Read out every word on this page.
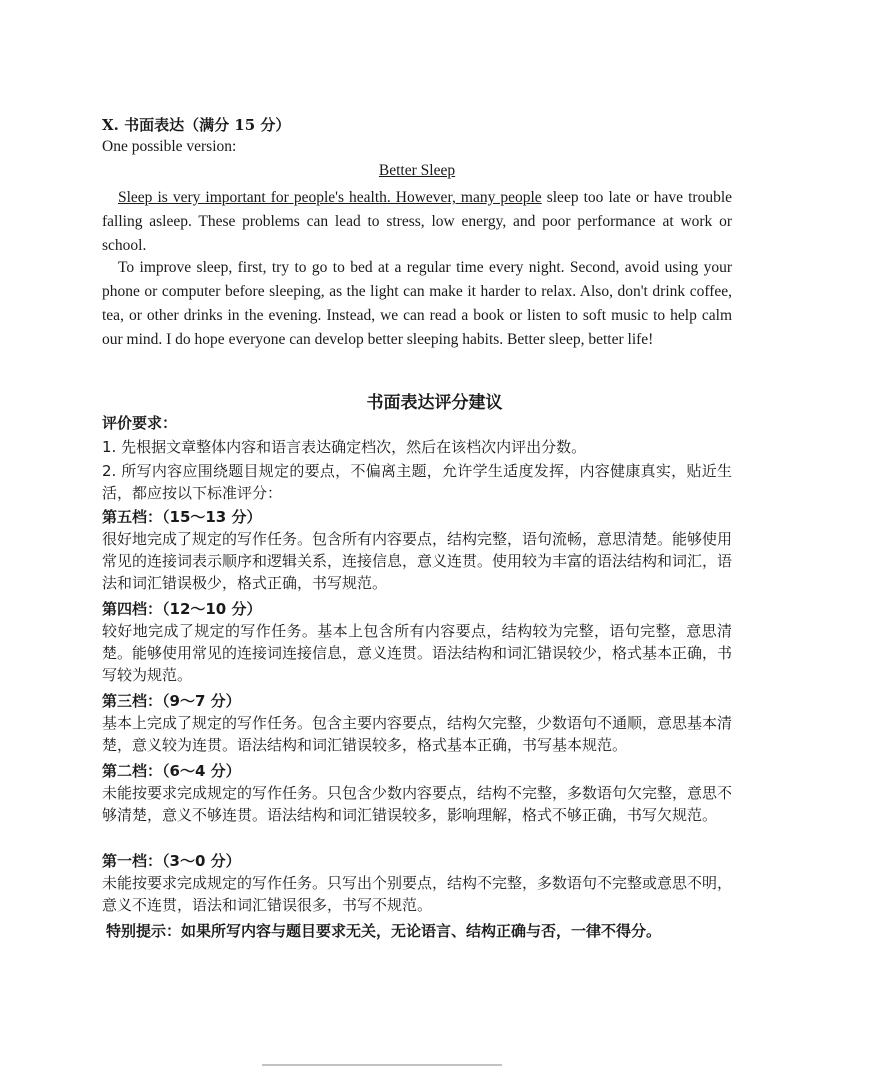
X. 书面表达（满分 15 分）
One possible version:
Better Sleep

Sleep is very important for people's health. However, many people sleep too late or have trouble falling asleep. These problems can lead to stress, low energy, and poor performance at work or school.

To improve sleep, first, try to go to bed at a regular time every night. Second, avoid using your phone or computer before sleeping, as the light can make it harder to relax. Also, don't drink coffee, tea, or other drinks in the evening. Instead, we can read a book or listen to soft music to help calm our mind. I do hope everyone can develop better sleeping habits. Better sleep, better life!

书面表达评分建议
评价要求：

1. 先根据文章整体内容和语言表达确定档次，然后在该档次内评出分数。

2. 所写内容应围绕题目规定的要点，不偏离主题，允许学生适度发挥，内容健康真实，贴近生活，都应按以下标准评分：

第五档：（15～13 分）

很好地完成了规定的写作任务。包含所有内容要点，结构完整，语句流畅，意思清楚。能够使用常见的连接词表示顺序和逻辑关系，连接信息，意义连贯。使用较为丰富的语法结构和词汇，语法和词汇错误极少，格式正确，书写规范。

第四档：（12～10 分）

较好地完成了规定的写作任务。基本上包含所有内容要点，结构较为完整，语句完整，意思清楚。能够使用常见的连接词连接信息，意义连贯。语法结构和词汇错误较少，格式基本正确，书写较为规范。

第三档：（9～7 分）

基本上完成了规定的写作任务。包含主要内容要点，结构欠完整，少数语句不通顺，意思基本清楚，意义较为连贯。语法结构和词汇错误较多，格式基本正确，书写基本规范。

第二档：（6～4 分）

未能按要求完成规定的写作任务。只包含少数内容要点，结构不完整，多数语句欠完整，意思不够清楚，意义不够连贯。语法结构和词汇错误较多，影响理解，格式不够正确，书写欠规范。

第一档：（3～0 分）

未能按要求完成规定的写作任务。只写出个别要点，结构不完整，多数语句不完整或意思不明，意义不连贯，语法和词汇错误很多，书写不规范。

特别提示：如果所写内容与题目要求无关，无论语言、结构正确与否，一律不得分。
